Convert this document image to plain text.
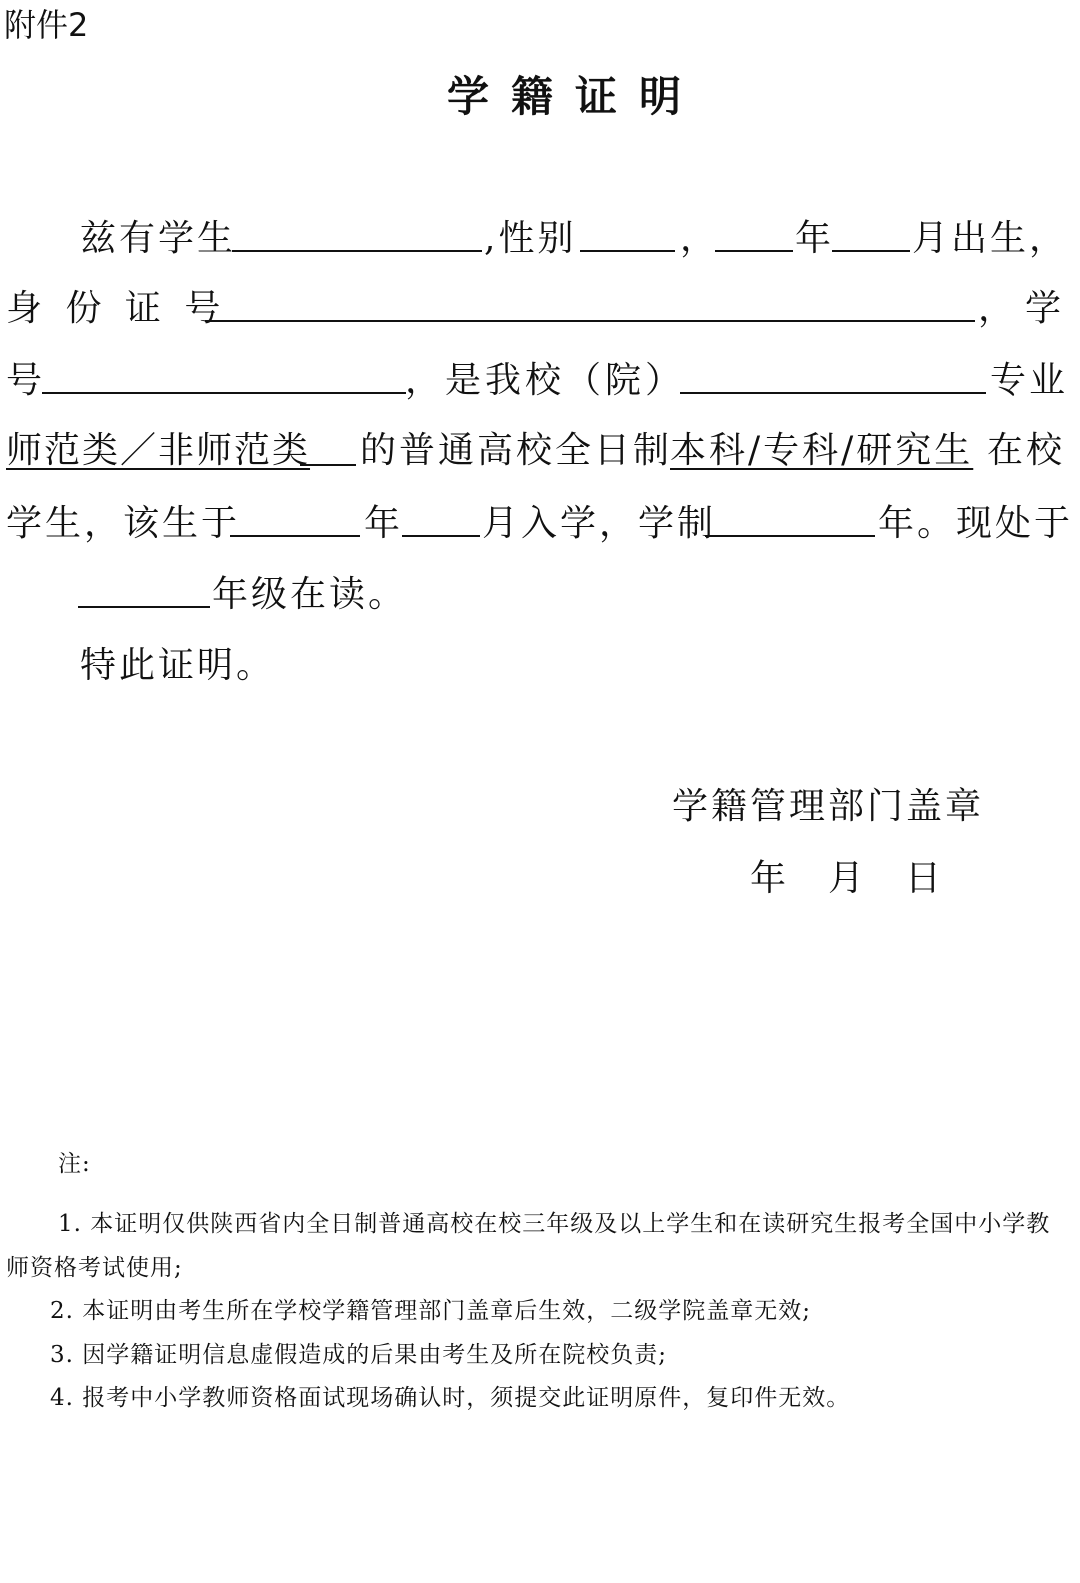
附件2
学籍证明
兹有学生	,性别	， 年 月出生，
身 份 证 号	， 学
号	，是我校（院）	专业
师范类／非师范类 的普通高校全日制
本科/专科/研究生 在校
学生，该生于	年 月入学，学制	年。现处于
年级在读。
特此证明。
学籍管理部门盖章
年 月 日
注:
1. 本证明仅供陕西省内全日制普通高校在校三年级及以上学生和在读研究生报考全国中小学教
师资格考试使用;
2. 本证明由考生所在学校学籍管理部门盖章后生效，二级学院盖章无效;
3. 因学籍证明信息虚假造成的后果由考生及所在院校负责;
4. 报考中小学教师资格面试现场确认时，须提交此证明原件，复印件无效。
